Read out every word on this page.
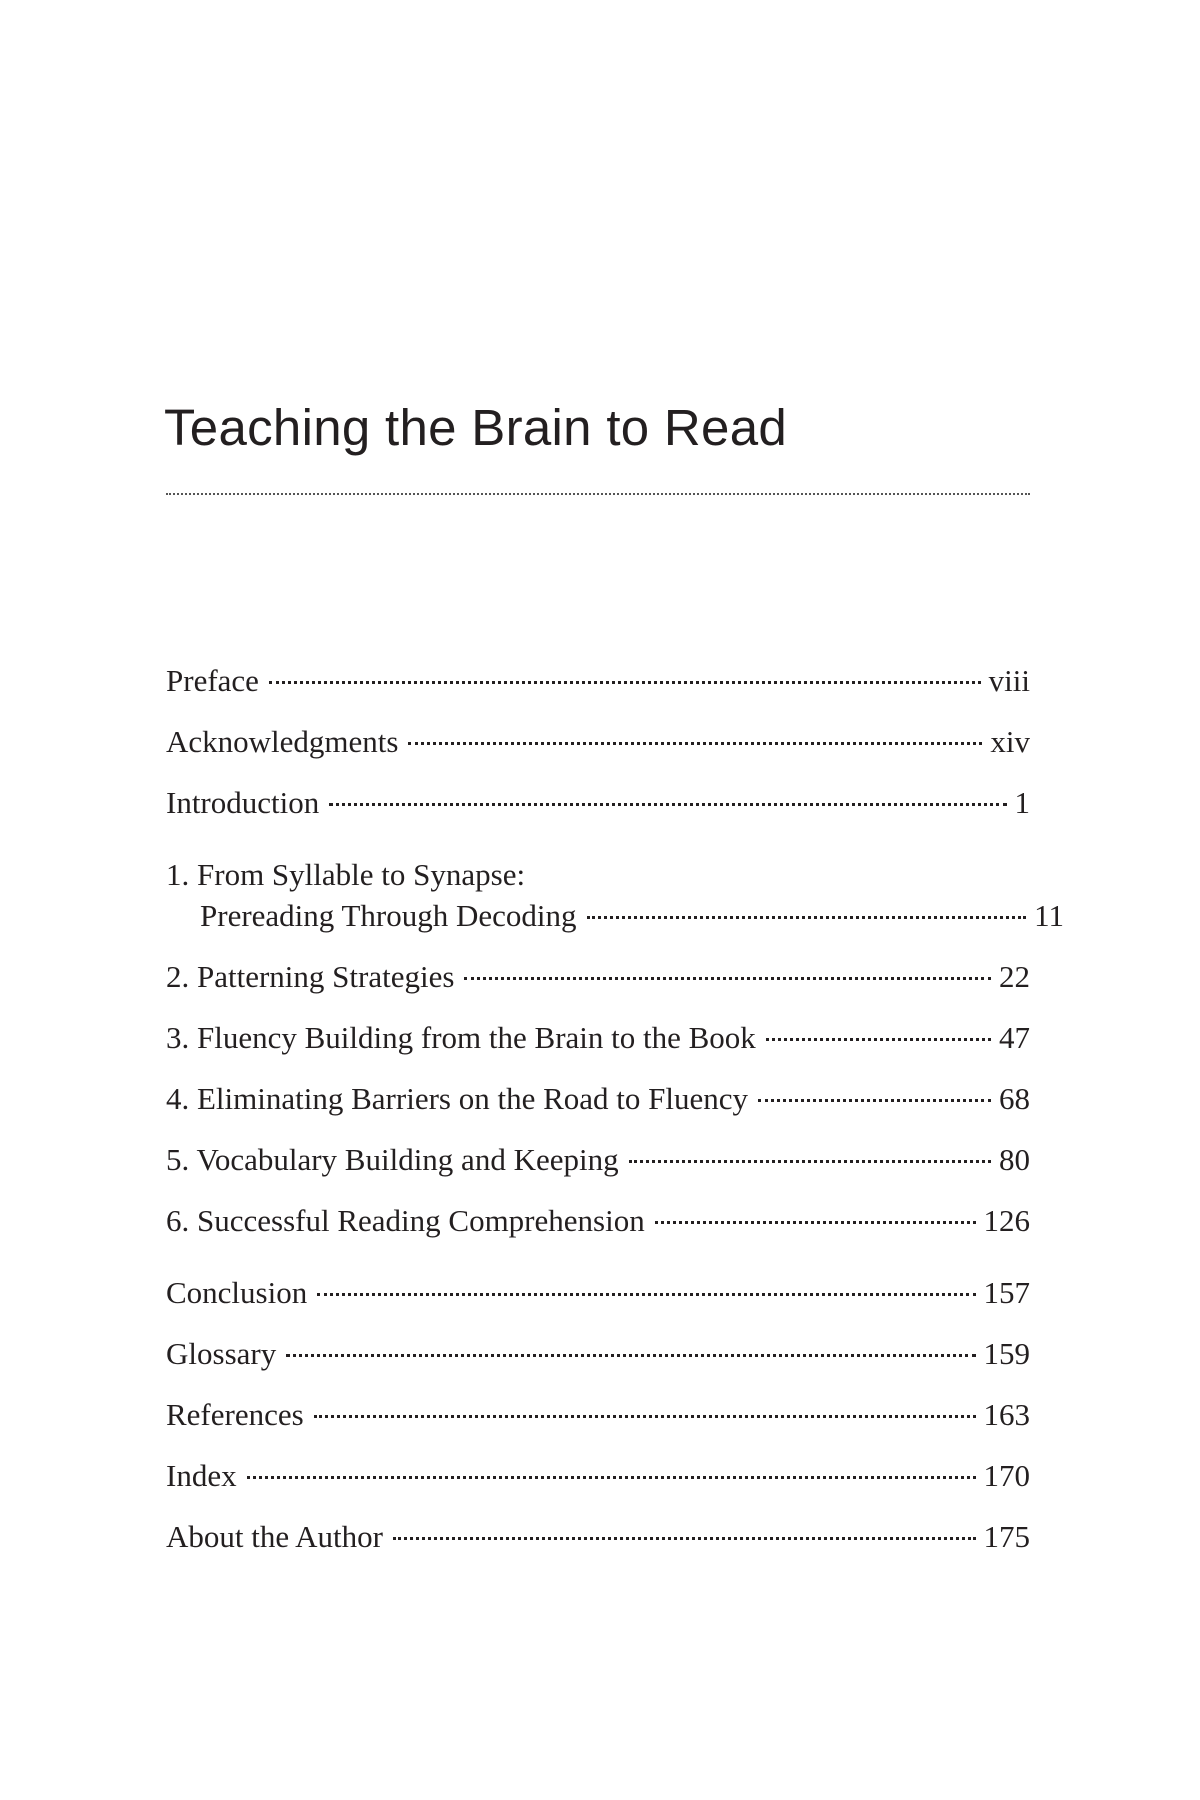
Teaching the Brain to Read
Preface	viii
Acknowledgments	xiv
Introduction	1
1. From Syllable to Synapse:
Prereading Through Decoding	11
2. Patterning Strategies	22
3. Fluency Building from the Brain to the Book	47
4. Eliminating Barriers on the Road to Fluency	68
5. Vocabulary Building and Keeping	80
6. Successful Reading Comprehension	126
Conclusion	157
Glossary	159
References	163
Index	170
About the Author	175
